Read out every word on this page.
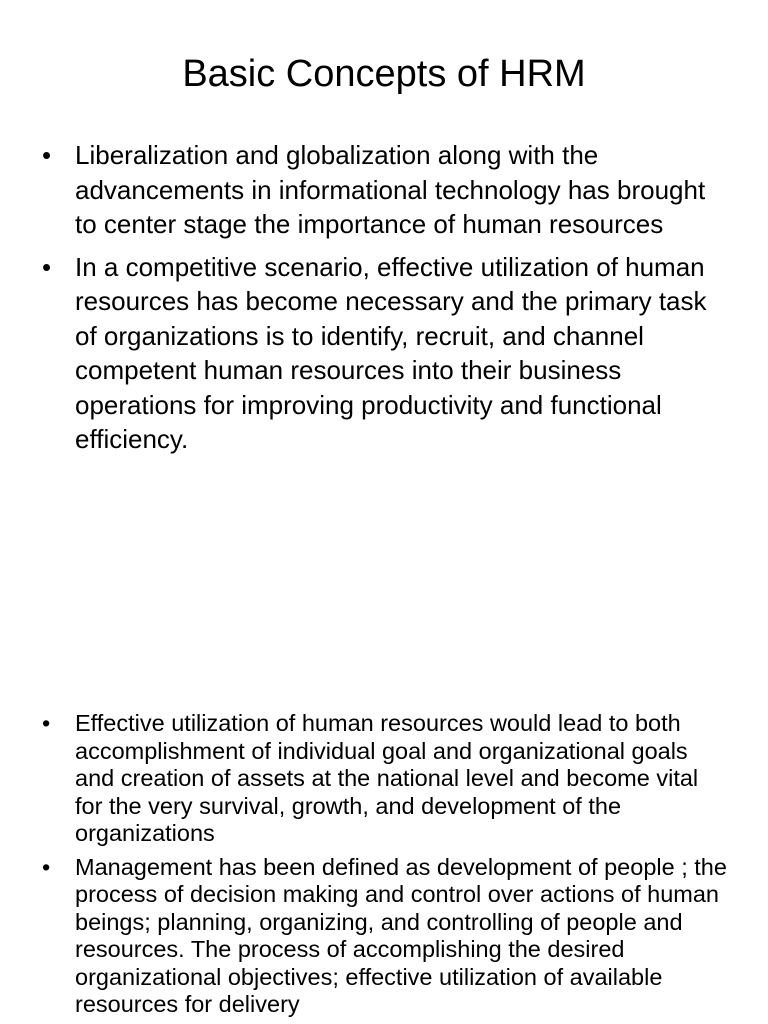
Basic Concepts of HRM
• Liberalization and globalization along with the advancements in informational technology has brought to center stage the importance of human resources
• In a competitive scenario, effective utilization of human resources has become necessary and the primary task of organizations is to identify, recruit, and channel competent human resources into their business operations for improving productivity and functional efficiency.
• Effective utilization of human resources would lead to both accomplishment of individual goal and organizational goals and creation of assets at the national level and become vital for the very survival, growth, and development of the organizations
• Management has been defined as development of people ; the process of decision making and control over actions of human beings; planning, organizing, and controlling of people and resources. The process of accomplishing the desired organizational objectives; effective utilization of available resources for delivery
